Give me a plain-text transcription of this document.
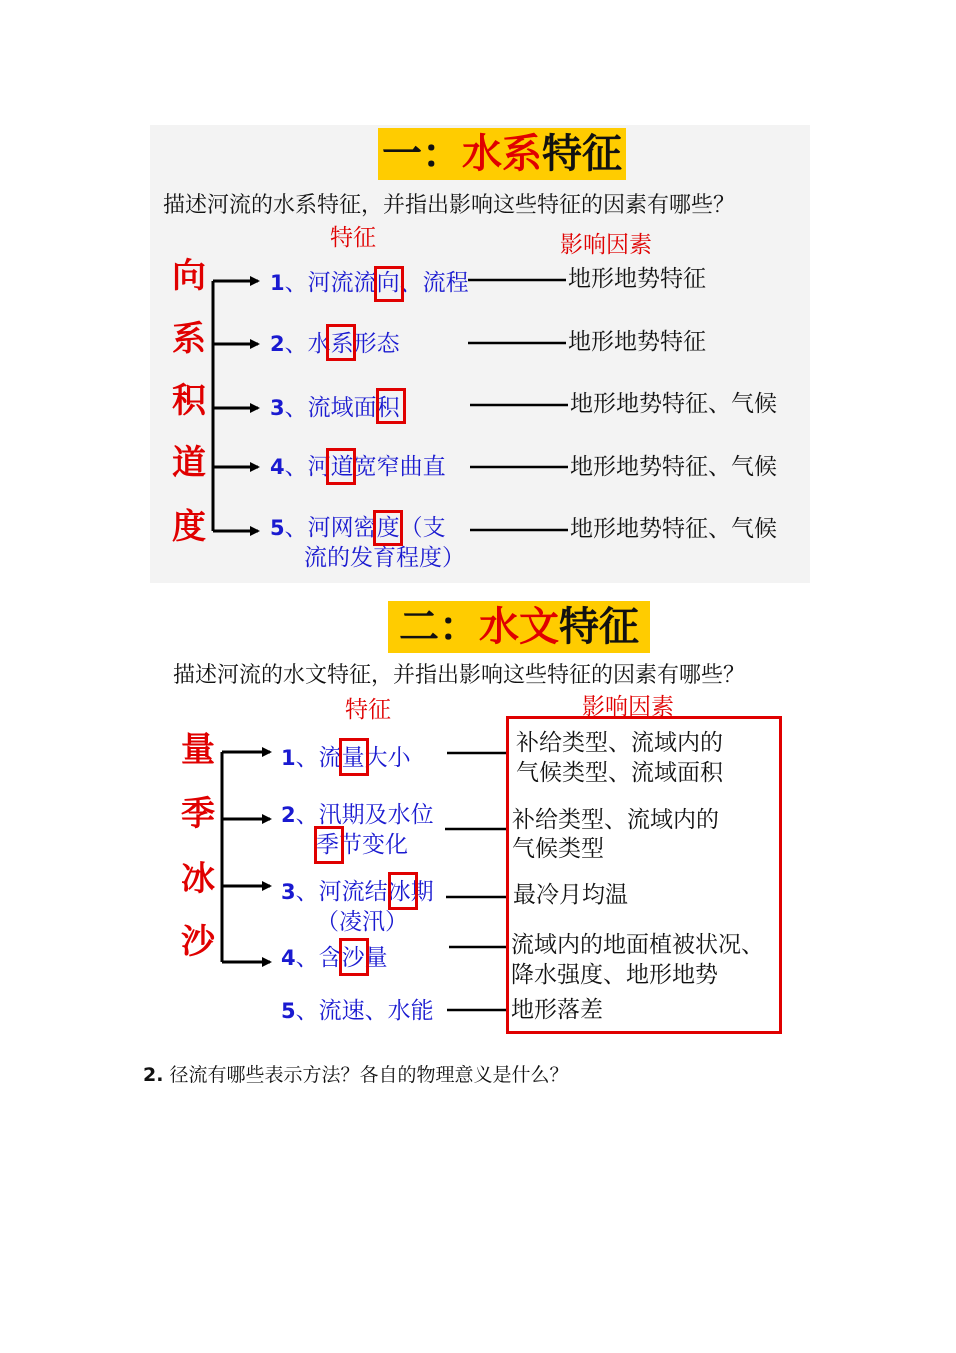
一：水系特征
描述河流的水系特征，并指出影响这些特征的因素有哪些？
特征	影响因素
向
系
积
道
度
1、河流流向、流程
2、水系形态
3、流域面积
4、河道宽窄曲直
5、河网密度（支
流的发育程度）
地形地势特征
地形地势特征
地形地势特征、气候
地形地势特征、气候
地形地势特征、气候
二：水文特征
描述河流的水文特征，并指出影响这些特征的因素有哪些？
特征	影响因素
量
季
冰
沙
1、流量大小
2、汛期及水位
季节变化
3、河流结冰期
（凌汛）
4、含沙量
5、流速、水能
补给类型、流域内的
气候类型、流域面积
补给类型、流域内的
气候类型
最冷月均温
流域内的地面植被状况、
降水强度、地形地势
地形落差
2. 径流有哪些表示方法？各自的物理意义是什么？
